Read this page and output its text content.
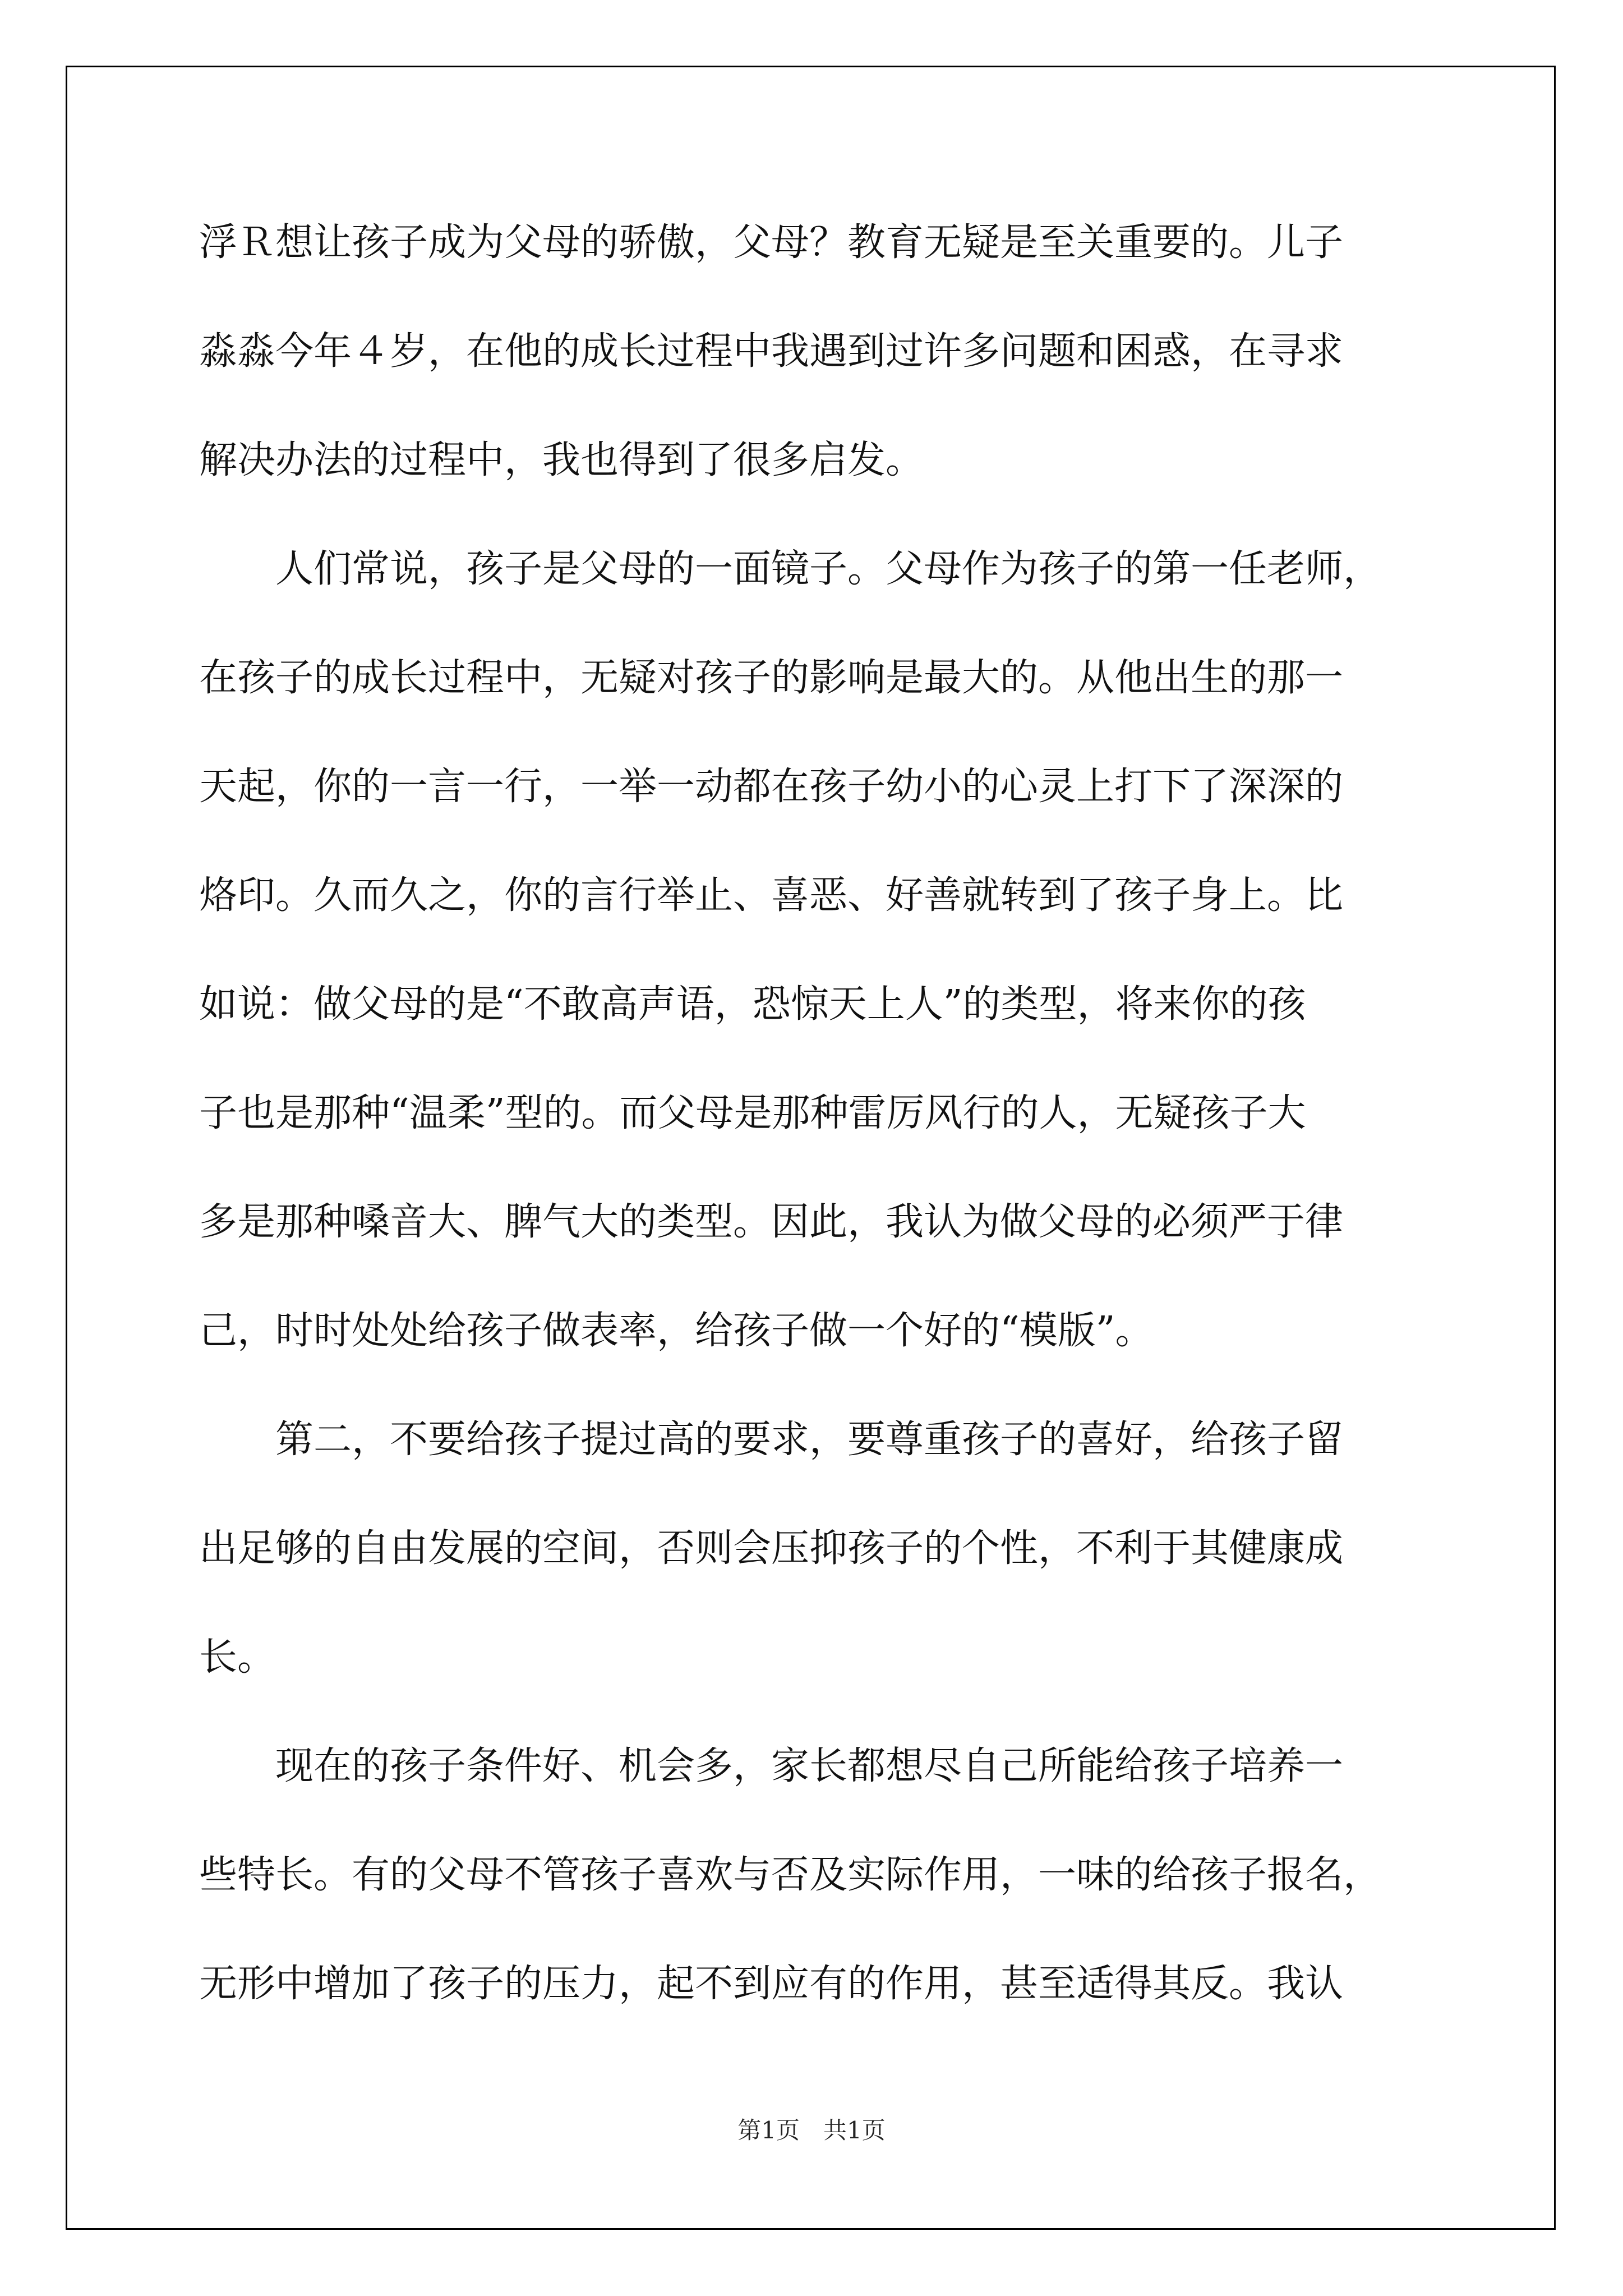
浮Ｒ想让孩子成为父母的骄傲，父母？教育无疑是至关重要的。儿子
淼淼今年４岁，在他的成长过程中我遇到过许多问题和困惑，在寻求
解决办法的过程中，我也得到了很多启发。
　　人们常说，孩子是父母的一面镜子。父母作为孩子的第一任老师，
在孩子的成长过程中，无疑对孩子的影响是最大的。从他出生的那一
天起，你的一言一行，一举一动都在孩子幼小的心灵上打下了深深的
烙印。久而久之，你的言行举止、喜恶、好善就转到了孩子身上。比
如说：做父母的是“不敢高声语，恐惊天上人”的类型，将来你的孩
子也是那种“温柔”型的。而父母是那种雷厉风行的人，无疑孩子大
多是那种嗓音大、脾气大的类型。因此，我认为做父母的必须严于律
己，时时处处给孩子做表率，给孩子做一个好的“模版”。
　　第二，不要给孩子提过高的要求，要尊重孩子的喜好，给孩子留
出足够的自由发展的空间，否则会压抑孩子的个性，不利于其健康成
长。
　　现在的孩子条件好、机会多，家长都想尽自己所能给孩子培养一
些特长。有的父母不管孩子喜欢与否及实际作用，一味的给孩子报名，
无形中增加了孩子的压力，起不到应有的作用，甚至适得其反。我认
第1页　共1页
